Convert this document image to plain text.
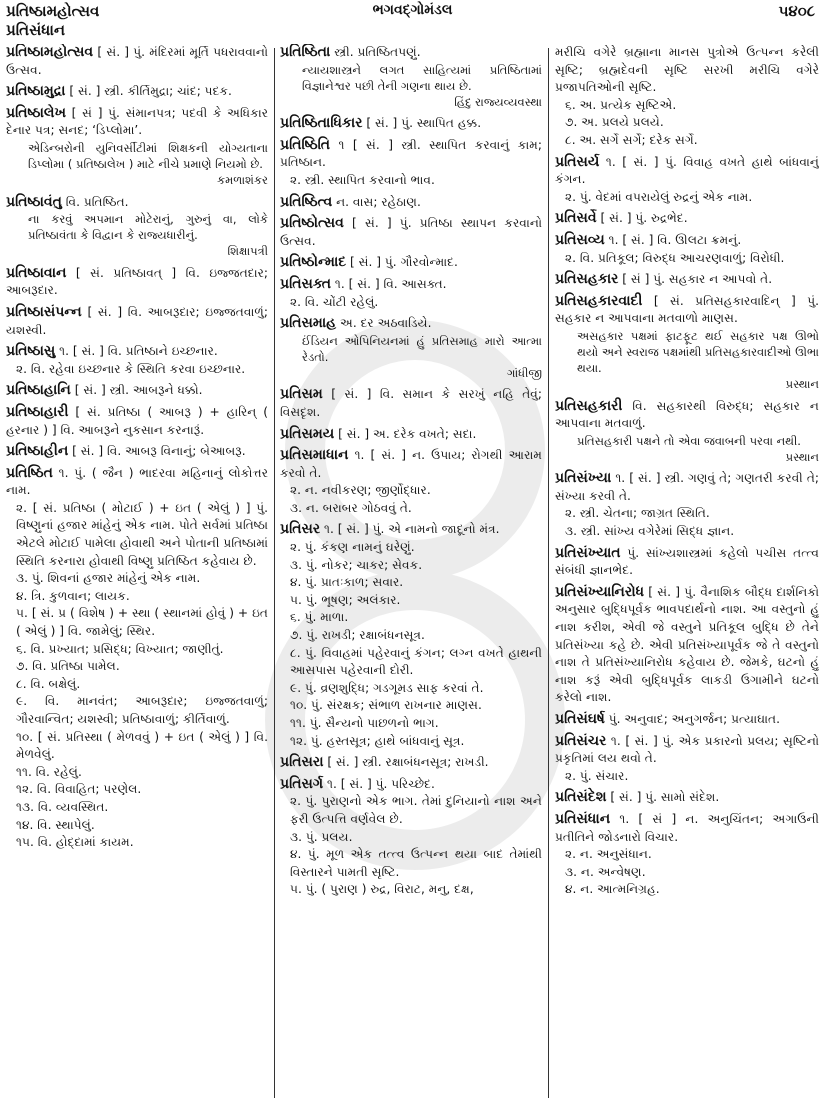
પ્રતિષ્ઠામહોત્સવ
પ્રતિસંધાન
ભગવદ્ગોમંડલ	૫૪૦૮
પ્રતિષ્ઠામહોત્સવ [ સં. ] પું. મંદિરમાં મૂર્તિ પધરાવવાનો ઉત્સવ.
પ્રતિષ્ઠામુદ્રા [ સં. ] સ્ત્રી. કીર્તિમુદ્રા; ચાંદ; પદક.
પ્રતિષ્ઠાલેખ [ સં ] પું. સંમાનપત્ર; પદવી કે અધિકાર દેનાર પત્ર; સનદ; ‘ડિપ્લોમા’.
એડિન્બરોની યુનિવર્સીટીમાં શિક્ષકની યોગ્યતાના ડિપ્લોમા ( પ્રતિષ્ઠાલેખ ) માટે નીચે પ્રમાણે નિયમો છે.
કમળાશંકર
પ્રતિષ્ઠાવંતુ વિ. પ્રતિષ્ઠિત.
ના કરવું અપમાન મોટેરાનું, ગુરુનું વા, લોકે પ્રતિષ્ઠાવંતા કે વિદ્વાન કે રાજ્યધારીનું.
શિક્ષાપત્રી
પ્રતિષ્ઠાવાન [ સં. પ્રતિષ્ઠાવત્ ] વિ. ઇજ્જતદાર; આબરૂદાર.
પ્રતિષ્ઠાસંપન્ન [ સં. ] વિ. આબરૂદાર; ઇજ્જતવાળું; યશસ્વી.
પ્રતિષ્ઠાસુ ૧. [ સં. ] વિ. પ્રતિષ્ઠાને ઇચ્છનાર.
૨. વિ. રહેવા ઇચ્છનાર કે સ્થિતિ કરવા ઇચ્છનાર.
પ્રતિષ્ઠાહાનિ [ સં. ] સ્ત્રી. આબરૂને ધક્કો.
પ્રતિષ્ઠાહારી [ સં. પ્રતિષ્ઠા ( આબરૂ ) + હારિન્ ( હરનાર ) ] વિ. આબરૂને નુકસાન કરનારૂં.
પ્રતિષ્ઠાહીન [ સં. ] વિ. આબરૂ વિનાનું; બેઆબરૂ.
પ્રતિષ્ઠિત ૧. પું. ( જૈન ) ભાદરવા મહિનાનું લોકોત્તર નામ.
૨. [ સં. પ્રતિષ્ઠા ( મોટાઈ ) + ઇત ( એલું ) ] પું. વિષ્ણુનાં હજાર માંહેનું એક નામ. પોતે સર્વમાં પ્રતિષ્ઠા એટલે મોટાઈ પામેલા હોવાથી અને પોતાની પ્રતિષ્ઠામાં સ્થિતિ કરનારા હોવાથી વિષ્ણુ પ્રતિષ્ઠિત કહેવાય છે.
૩. પું. શિવનાં હજાર માંહેનું એક નામ.
૪. ત્રિ. કુળવાન; લાયક.
૫. [ સં. પ્ર ( વિશેષ ) + સ્થા ( સ્થાનમાં હોવું ) + ઇત ( એલું ) ] વિ. જામેલું; સ્થિર.
૬. વિ. પ્રખ્યાત; પ્રસિદ્ધ; વિખ્યાત; જાણીતું.
૭. વિ. પ્રતિષ્ઠા પામેલ.
૮. વિ. બક્ષેલું.
૯. વિ. માનવંત; આબરૂદાર; ઇજ્જતવાળું; ગૌરવાન્વિત; યશસ્વી; પ્રતિષ્ઠાવાળું; કીર્તિવાળું.
૧૦. [ સં. પ્રતિસ્થા ( મેળવવું ) + ઇત ( એલું ) ] વિ. મેળવેલું.
૧૧. વિ. રહેલું.
૧૨. વિ. વિવાહિત; પરણેલ.
૧૩. વિ. વ્યવસ્થિત.
૧૪. વિ. સ્થાપેલું.
૧૫. વિ. હોદ્દામાં કાયમ.
પ્રતિષ્ઠિતા સ્ત્રી. પ્રતિષ્ઠિતપણું.
ન્યાયશાસ્ત્રને લગત સાહિત્યમાં પ્રતિષ્ઠિતામાં વિજ્ઞાનેશ્વર પછી તેની ગણના થાય છે.
હિંદુ રાજ્યવ્યવસ્થા
પ્રતિષ્ઠિતાધિકાર [ સં. ] પું. સ્થાપિત હક્ક.
પ્રતિષ્ઠિતિ ૧ [ સં. ] સ્ત્રી. સ્થાપિત કરવાનું કામ; પ્રતિષ્ઠાન.
૨. સ્ત્રી. સ્થાપિત કરવાનો ભાવ.
પ્રતિષ્ઠિત્વ ન. વાસ; રહેઠાણ.
પ્રતિષ્ઠોત્સવ [ સં. ] પું. પ્રતિષ્ઠા સ્થાપન કરવાનો ઉત્સવ.
પ્રતિષ્ઠોન્માદ [ સં. ] પું. ગૌરવોન્માદ.
પ્રતિસક્ત ૧. [ સં. ] વિ. આસક્ત.
૨. વિ. ચોંટી રહેલું.
પ્રતિસમાહ અ. દર અઠવાડિયે.
ઈંડિયન ઓપિનિયનમાં હું પ્રતિસમાહ મારો આત્મા રેડતો.
ગાંધીજી
પ્રતિસમ [ સં. ] વિ. સમાન કે સરખું નહિ તેવું; વિસદૃશ.
પ્રતિસમય [ સં. ] અ. દરેક વખતે; સદા.
પ્રતિસમાધાન ૧. [ સં. ] ન. ઉપાય; રોગથી આરામ કરવો તે.
૨. ન. નવીકરણ; જીર્ણોદ્ધાર.
૩. ન. બરાબર ગોઠવવું તે.
પ્રતિસર ૧. [ સં. ] પું. એ નામનો જાદૂનો મંત્ર.
૨. પું. કંકણ નામનું ઘરેણું.
૩. પું. નોકર; ચાકર; સેવક.
૪. પું. પ્રાતઃકાળ; સવાર.
૫. પું. ભૂષણ; અલંકાર.
૬. પું. માળા.
૭. પું. રાખડી; રક્ષાબંધનસૂત્ર.
૮. પું. વિવાહમાં પહેરવાનું કંગન; લગ્ન વખતે હાથની આસપાસ પહેરવાની દોરી.
૯. પું. વ્રણશુદ્ધિ; ગડગૂમડ સાફ કરવાં તે.
૧૦. પું. સંરક્ષક; સંભાળ રાખનાર માણસ.
૧૧. પું. સૈન્યનો પાછળનો ભાગ.
૧૨. પું. હસ્તસૂત્ર; હાથે બાંધવાનું સૂત્ર.
પ્રતિસરા [ સં. ] સ્ત્રી. રક્ષાબંધનસૂત્ર; રાખડી.
પ્રતિસર્ગ ૧. [ સં. ] પું. પરિચ્છેદ.
૨. પું. પુરાણનો એક ભાગ. તેમાં દુનિયાનો નાશ અને ફરી ઉત્પત્તિ વર્ણવેલ છે.
૩. પું. પ્રલય.
૪. પું. મૂળ એક તત્ત્વ ઉત્પન્ન થયા બાદ તેમાંથી વિસ્તારને પામતી સૃષ્ટિ.
૫. પું. ( પુરાણ ) રુદ્ર, વિરાટ, મનુ, દક્ષ,
મરીચિ વગેરે બ્રહ્માના માનસ પુત્રોએ ઉત્પન્ન કરેલી સૃષ્ટિ; બ્રહ્મદેવની સૃષ્ટિ સરખી મરીચિ વગેરે પ્રજાપતિઓની સૃષ્ટિ.
૬. અ. પ્રત્યેક સૃષ્ટિએ.
૭. અ. પ્રલયે પ્રલયે.
૮. અ. સર્ગે સર્ગે; દરેક સર્ગે.
પ્રતિસર્ય ૧. [ સં. ] પું. વિવાહ વખતે હાથે બાંધવાનું કંગન.
૨. પું. વેદમાં વપરાયેલું રુદ્રનું એક નામ.
પ્રતિસર્વે [ સં. ] પું. રુદ્રભેદ.
પ્રતિસવ્ય ૧. [ સં. ] વિ. ઊલટા ક્રમનું.
૨. વિ. પ્રતિકૂલ; વિરુદ્ધ આચરણવાળું; વિરોધી.
પ્રતિસહકાર [ સં ] પું. સહકાર ન આપવો તે.
પ્રતિસહકારવાદી [ સં. પ્રતિસહકારવાદિન્ ] પું. સહકાર ન આપવાના મતવાળો માણસ.
અસહકાર પક્ષમાં ફાટફૂટ થઈ સહકાર પક્ષ ઊભો થયો અને સ્વરાજ પક્ષમાંથી પ્રતિસહકારવાદીઓ ઊભા થયા.
પ્રસ્થાન
પ્રતિસહકારી વિ. સહકારથી વિરુદ્ધ; સહકાર ન આપવાના મતવાળું.
પ્રતિસહકારી પક્ષને તો એવા જવાબની પરવા નથી.
પ્રસ્થાન
પ્રતિસંખ્યા ૧. [ સં. ] સ્ત્રી. ગણવું તે; ગણતરી કરવી તે; સંખ્યા કરવી તે.
૨. સ્ત્રી. ચેતના; જાગ્રત સ્થિતિ.
૩. સ્ત્રી. સાંખ્ય વગેરેમાં સિદ્ધ જ્ઞાન.
પ્રતિસંખ્યાત પું. સાંખ્યશાસ્ત્રમાં કહેલો પચીસ તત્ત્વ સંબંધી જ્ઞાનભેદ.
પ્રતિસંખ્યાનિરોધ [ સં. ] પું. વૈનાશિક બૌદ્ધ દાર્શનિકો અનુસાર બુદ્ધિપૂર્વક ભાવપદાર્થનો નાશ. આ વસ્તુનો હું નાશ કરીશ, એવી જે વસ્તુને પ્રતિકૂલ બુદ્ધિ છે તેને પ્રતિસંખ્યા કહે છે. એવી પ્રતિસંખ્યાપૂર્વક જે તે વસ્તુનો નાશ તે પ્રતિસંખ્યાનિરોધ કહેવાય છે. જેમકે, ઘટનો હું નાશ કરૂં એવી બુદ્ધિપૂર્વક લાકડી ઉગામીને ઘટનો કરેલો નાશ.
પ્રતિસંઘર્ષ પું. અનુવાદ; અનુગર્જન; પ્રત્યાઘાત.
પ્રતિસંચર ૧. [ સં. ] પું. એક પ્રકારનો પ્રલય; સૃષ્ટિનો પ્રકૃતિમાં લય થવો તે.
૨. પું. સંચાર.
પ્રતિસંદેશ [ સં. ] પું. સામો સંદેશ.
પ્રતિસંધાન ૧. [ સં ] ન. અનુચિંતન; અગાઉની પ્રતીતિને જોડનારો વિચાર.
૨. ન. અનુસંધાન.
૩. ન. અન્વેષણ.
૪. ન. આત્મનિગ્રહ.
